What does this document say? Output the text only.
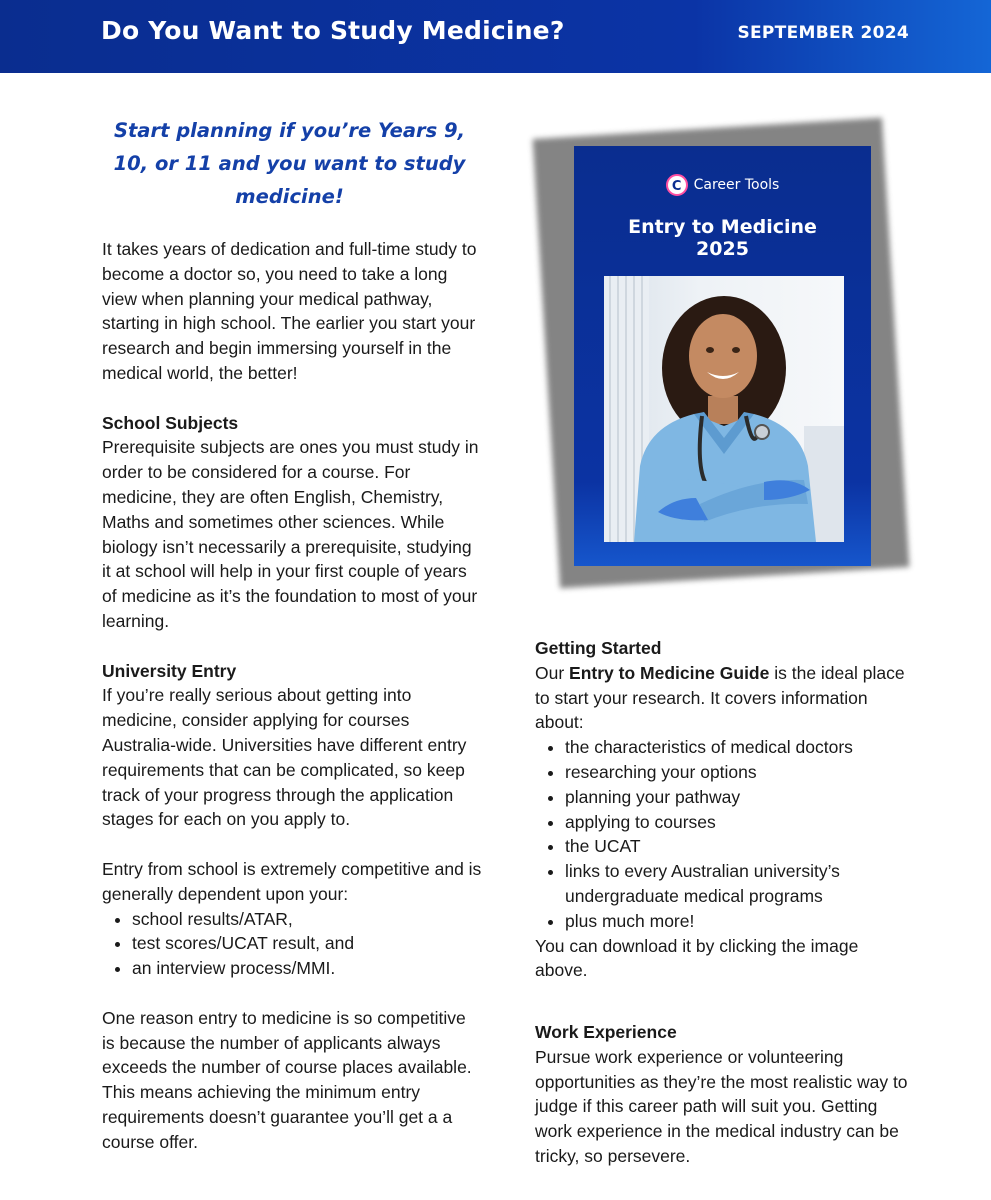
Do You Want to Study Medicine?	SEPTEMBER 2024
Start planning if you’re Years 9, 10, or 11 and you want to study medicine!

It takes years of dedication and full-time study to become a doctor so, you need to take a long view when planning your medical pathway, starting in high school. The earlier you start your research and begin immersing yourself in the medical world, the better!

School Subjects

Prerequisite subjects are ones you must study in order to be considered for a course. For medicine, they are often English, Chemistry, Maths and sometimes other sciences. While biology isn’t necessarily a prerequisite, studying it at school will help in your first couple of years of medicine as it’s the foundation to most of your learning.

University Entry

If you’re really serious about getting into medicine, consider applying for courses Australia-wide. Universities have different entry requirements that can be complicated, so keep track of your progress through the application stages for each on you apply to.

Entry from school is extremely competitive and is generally dependent upon your:

• school results/ATAR,
• test scores/UCAT result, and
• an interview process/MMI.

One reason entry to medicine is so competitive is because the number of applicants always exceeds the number of course places available. This means achieving the minimum entry requirements doesn’t guarantee you’ll get a a course offer.

C Career Tools
Entry to Medicine
2025
Getting Started

Our Entry to Medicine Guide is the ideal place to start your research. It covers information about:

• the characteristics of medical doctors
• researching your options
• planning your pathway
• applying to courses
• the UCAT
• links to every Australian university’s undergraduate medical programs
• plus much more!

You can download it by clicking the image above.

Work Experience

Pursue work experience or volunteering opportunities as they’re the most realistic way to judge if this career path will suit you. Getting work experience in the medical industry can be tricky, so persevere.
